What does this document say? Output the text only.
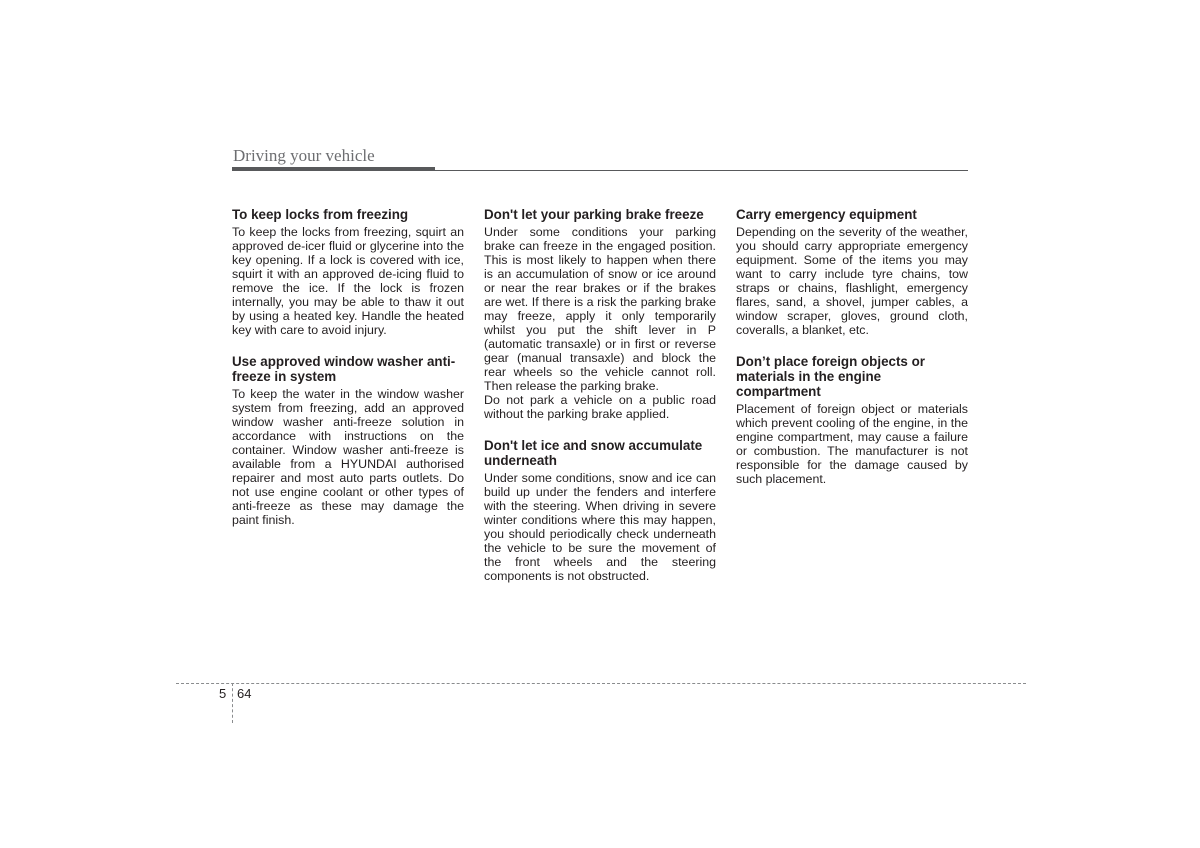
Driving your vehicle
To keep locks from freezing

To keep the locks from freezing, squirt an approved de-icer fluid or glycerine into the key opening. If a lock is covered with ice, squirt it with an approved de-icing fluid to remove the ice. If the lock is frozen internally, you may be able to thaw it out by using a heated key. Handle the heated key with care to avoid injury.

Use approved window washer anti-freeze in system

To keep the water in the window washer system from freezing, add an approved window washer anti-freeze solution in accordance with instructions on the container. Window washer anti-freeze is available from a HYUNDAI authorised repairer and most auto parts outlets. Do not use engine coolant or other types of anti-freeze as these may damage the paint finish.

Don't let your parking brake freeze

Under some conditions your parking brake can freeze in the engaged position. This is most likely to happen when there is an accumulation of snow or ice around or near the rear brakes or if the brakes are wet. If there is a risk the parking brake may freeze, apply it only temporarily whilst you put the shift lever in P (automatic transaxle) or in first or reverse gear (manual transaxle) and block the rear wheels so the vehicle cannot roll. Then release the parking brake.

Do not park a vehicle on a public road without the parking brake applied.

Don't let ice and snow accumulate underneath

Under some conditions, snow and ice can build up under the fenders and interfere with the steering. When driving in severe winter conditions where this may happen, you should periodically check underneath the vehicle to be sure the movement of the front wheels and the steering components is not obstructed.

Carry emergency equipment

Depending on the severity of the weather, you should carry appropriate emergency equipment. Some of the items you may want to carry include tyre chains, tow straps or chains, flashlight, emergency flares, sand, a shovel, jumper cables, a window scraper, gloves, ground cloth, coveralls, a blanket, etc.

Don’t place foreign objects or materials in the engine compartment

Placement of foreign object or materials which prevent cooling of the engine, in the engine compartment, may cause a failure or combustion. The manufacturer is not responsible for the damage caused by such placement.

5 64
